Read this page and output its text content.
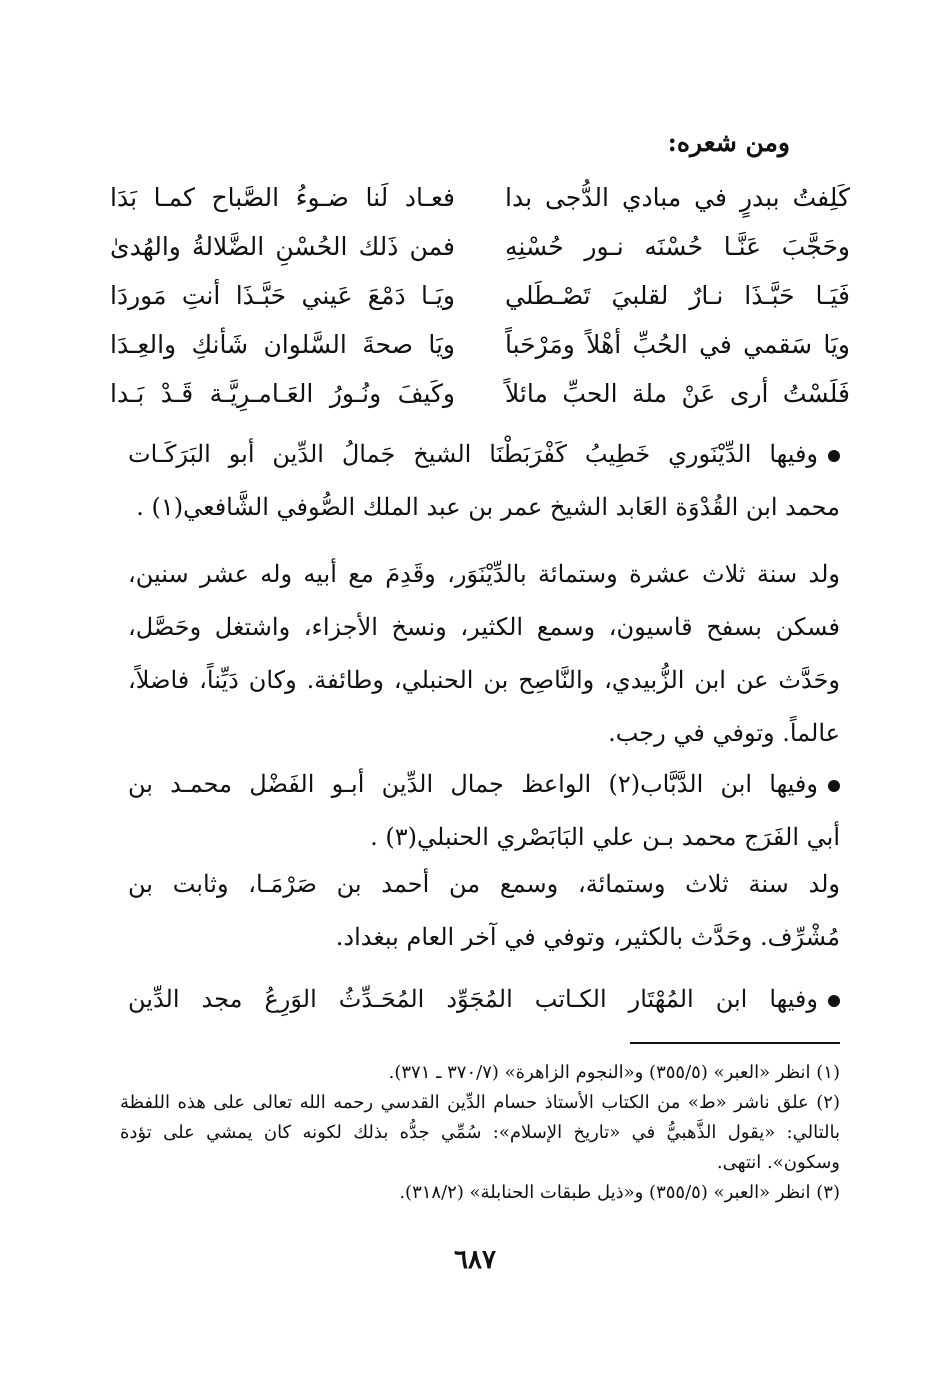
ومن شعره:
كَلِفتُ ببدرٍ في مبادي الدُّجى بدا
فعـاد لَنا ضـوءُ الصَّباح كمـا بَدَا
وحَجَّبَ عَنَّـا حُسْنَه نـور حُسْنِهِ
فمن ذَلك الحُسْنِ الضَّلالةُ والهُدىٰ
فَيَـا حَبَّـذَا نـارٌ لقلبيَ تَصْـطَلي
ويَـا دَمْعَ عَيني حَبَّـذَا أنتِ مَوردَا
ويَا سَقمي في الحُبِّ أهْلاً ومَرْحَباً
ويَا صحةَ السَّلوان شَأنكِ والعِـدَا
فَلَسْتُ أرى عَنْ ملة الحبِّ مائلاً
وكَيفَ ونُـورُ العَـامـرِيَّـة قَـدْ بَـدا
وفيها الدِّيْنَوري خَطِيبُ كَفْرَبَطْنَا الشيخ جَمالُ الدِّين أبو البَرَكَـات
محمد ابن القُدْوَة العَابد الشيخ عمر بن عبد الملك الصُّوفي الشَّافعي(١) .
ولد سنة ثلاث عشرة وستمائة بالدِّيْنَوَر، وقَدِمَ مع أبيه وله عشر سنين،
فسكن بسفح قاسيون، وسمع الكثير، ونسخ الأجزاء، واشتغل وحَصَّل،
وحَدَّث عن ابن الزُّبيدي، والنَّاصِح بن الحنبلي، وطائفة. وكان دَيِّناً، فاضلاً،
عالماً. وتوفي في رجب.
وفيها ابن الدَّبَّاب(٢) الواعظ جمال الدِّين أبـو الفَضْل محمـد بن
أبي الفَرَج محمد بـن علي البَابَصْري الحنبلي(٣) .
ولد سنة ثلاث وستمائة، وسمع من أحمد بن صَرْمَـا، وثابت بن
مُشْرِّف. وحَدَّث بالكثير، وتوفي في آخر العام ببغداد.
وفيها ابن المُهْتَار الكـاتب المُجَوِّد المُحَـدِّثُ الوَرِعُ مجد الدِّين
(١) انظر «العبر» (٣٥٥/٥) و«النجوم الزاهرة» (٣٧٠/٧ ـ ٣٧١).
(٢) علق ناشر «ط» من الكتاب الأستاذ حسام الدِّين القدسي رحمه الله تعالى على هذه اللفظة
بالتالي: «يقول الذَّهبيُّ في «تاريخ الإسلام»: سُمِّي جدُّه بذلك لكونه كان يمشي على تؤدة
وسكون». انتهى.
(٣) انظر «العبر» (٣٥٥/٥) و«ذيل طبقات الحنابلة» (٣١٨/٢).
٦٨٧
